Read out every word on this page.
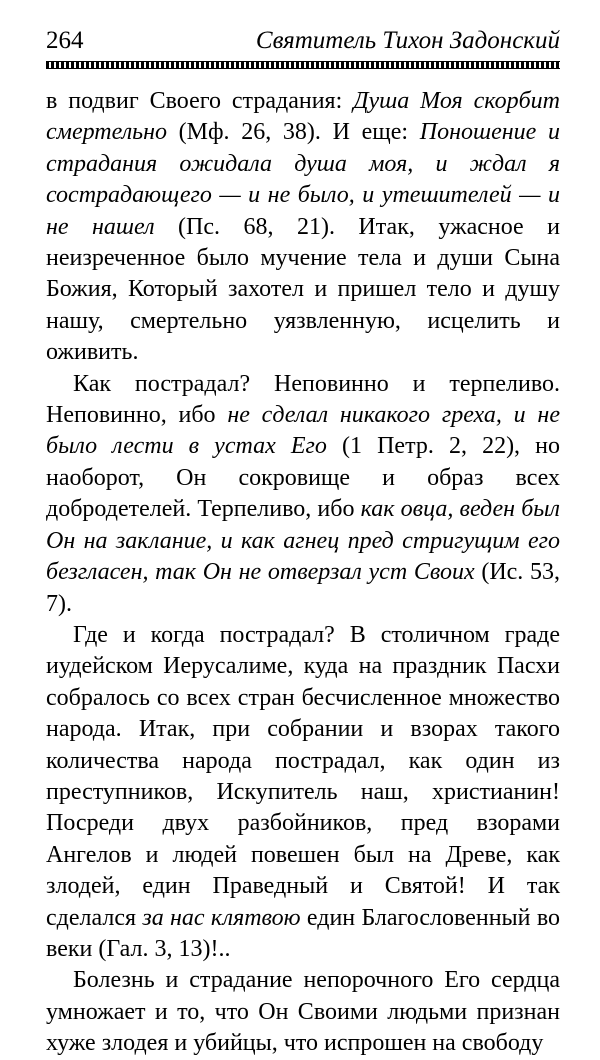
264	Святитель Тихон Задонский

в подвиг Своего страдания: Душа Моя скорбит смертельно (Мф. 26, 38). И еще: Поношение и страдания ожидала душа моя, и ждал я сострадающего — и не было, и утешителей — и не нашел (Пс. 68, 21). Итак, ужасное и неизреченное было мучение тела и души Сына Божия, Который захотел и пришел тело и душу нашу, смертельно уязвленную, исцелить и оживить.

Как пострадал? Неповинно и терпеливо. Неповинно, ибо не сделал никакого греха, и не было лести в устах Его (1 Петр. 2, 22), но наоборот, Он сокровище и образ всех добродетелей. Терпеливо, ибо как овца, веден был Он на заклание, и как агнец пред стригущим его безгласен, так Он не отверзал уст Своих (Ис. 53, 7).

Где и когда пострадал? В столичном граде иудейском Иерусалиме, куда на праздник Пасхи собралось со всех стран бесчисленное множество народа. Итак, при собрании и взорах такого количества народа пострадал, как один из преступников, Искупитель наш, христианин! Посреди двух разбойников, пред взорами Ангелов и людей повешен был на Древе, как злодей, един Праведный и Святой! И так сделался за нас клятвою един Благословенный во веки (Гал. 3, 13)!..

Болезнь и страдание непорочного Его сердца умножает и то, что Он Своими людьми признан хуже злодея и убийцы, что испрошен на свободу
